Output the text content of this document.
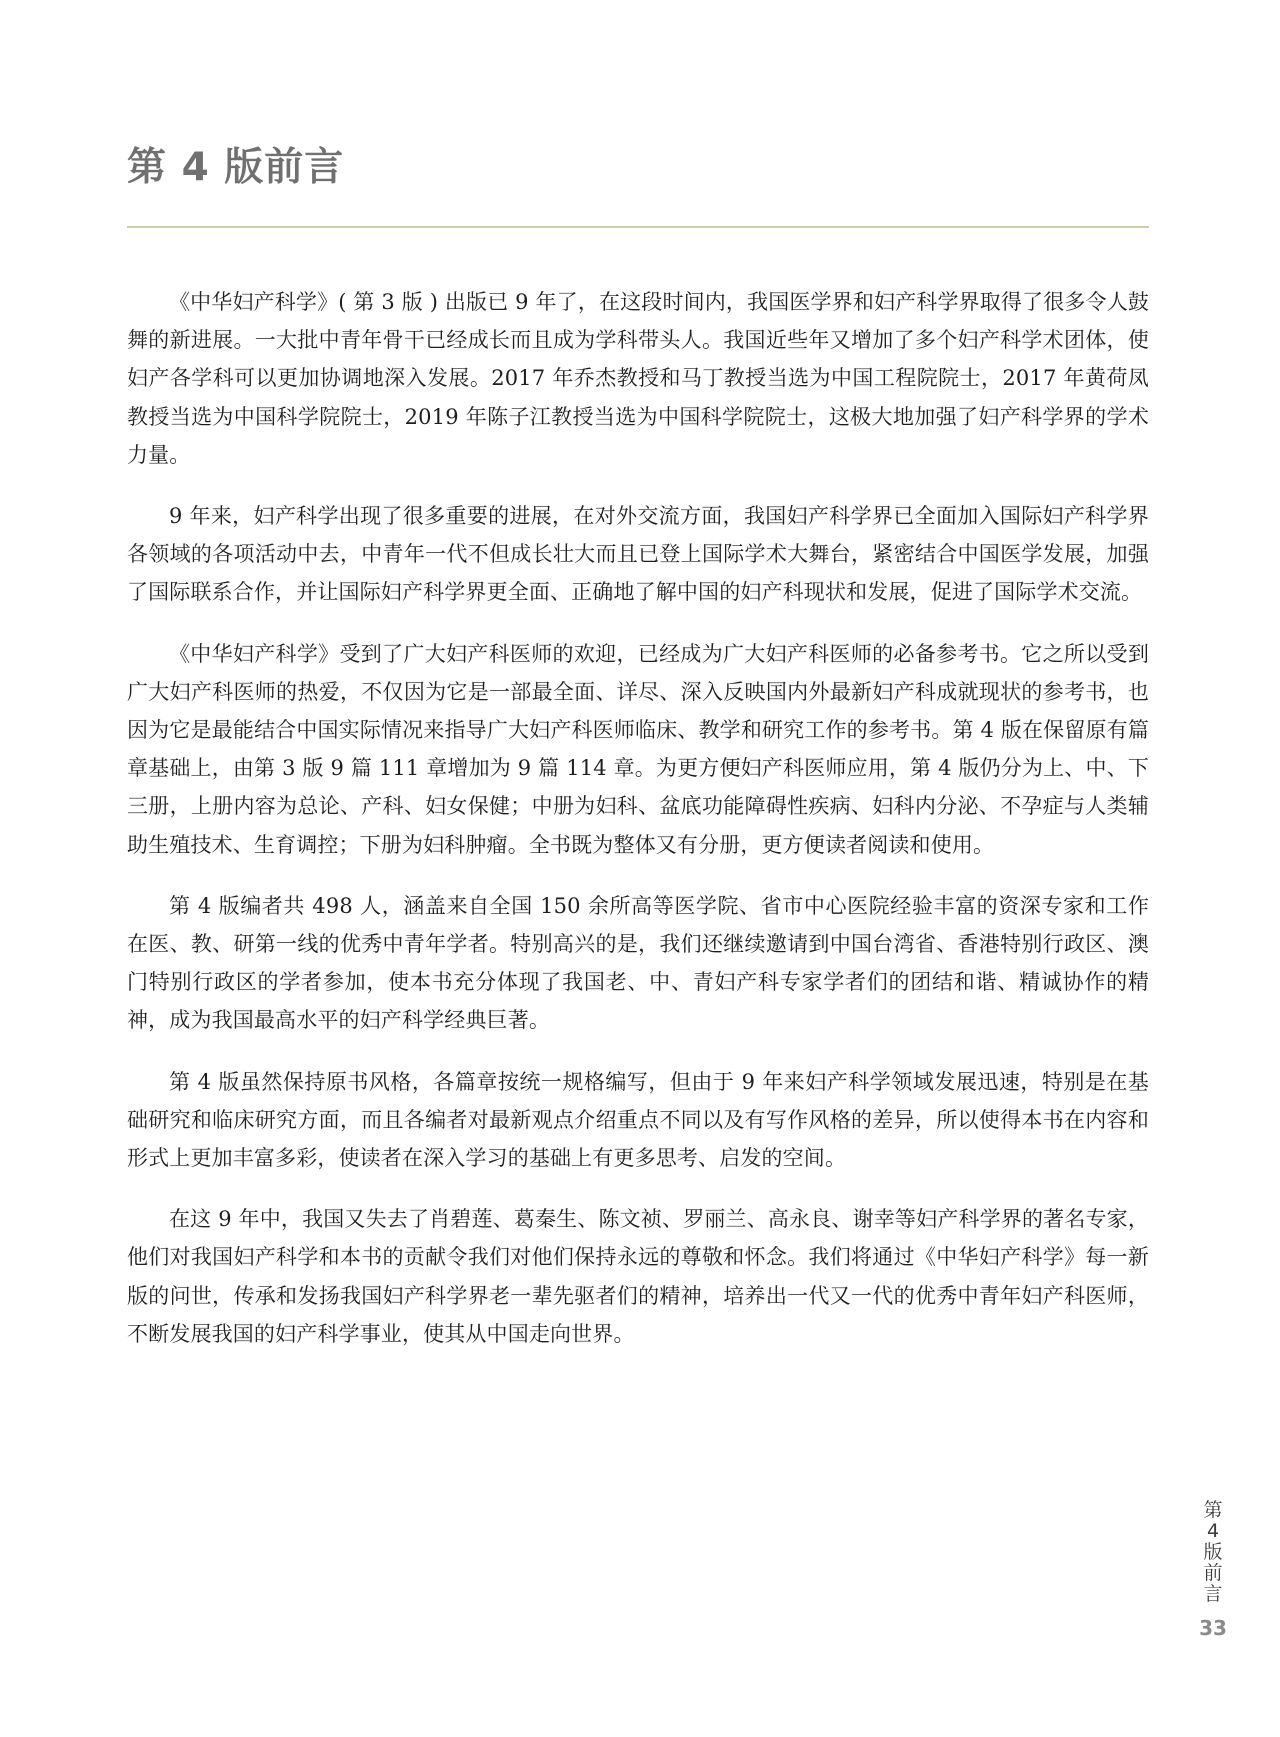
第 4 版前言

《中华妇产科学》( 第 3 版 ) 出版已 9 年了，在这段时间内，我国医学界和妇产科学界取得了很多令人鼓舞的新进展。一大批中青年骨干已经成长而且成为学科带头人。我国近些年又增加了多个妇产科学术团体，使妇产各学科可以更加协调地深入发展。2017 年乔杰教授和马丁教授当选为中国工程院院士，2017 年黄荷凤教授当选为中国科学院院士，2019 年陈子江教授当选为中国科学院院士，这极大地加强了妇产科学界的学术力量。

9 年来，妇产科学出现了很多重要的进展，在对外交流方面，我国妇产科学界已全面加入国际妇产科学界各领域的各项活动中去，中青年一代不但成长壮大而且已登上国际学术大舞台，紧密结合中国医学发展，加强了国际联系合作，并让国际妇产科学界更全面、正确地了解中国的妇产科现状和发展，促进了国际学术交流。

《中华妇产科学》受到了广大妇产科医师的欢迎，已经成为广大妇产科医师的必备参考书。它之所以受到广大妇产科医师的热爱，不仅因为它是一部最全面、详尽、深入反映国内外最新妇产科成就现状的参考书，也因为它是最能结合中国实际情况来指导广大妇产科医师临床、教学和研究工作的参考书。第 4 版在保留原有篇章基础上，由第 3 版 9 篇 111 章增加为 9 篇 114 章。为更方便妇产科医师应用，第 4 版仍分为上、中、下三册，上册内容为总论、产科、妇女保健；中册为妇科、盆底功能障碍性疾病、妇科内分泌、不孕症与人类辅助生殖技术、生育调控；下册为妇科肿瘤。全书既为整体又有分册，更方便读者阅读和使用。

第 4 版编者共 498 人，涵盖来自全国 150 余所高等医学院、省市中心医院经验丰富的资深专家和工作在医、教、研第一线的优秀中青年学者。特别高兴的是，我们还继续邀请到中国台湾省、香港特别行政区、澳门特别行政区的学者参加，使本书充分体现了我国老、中、青妇产科专家学者们的团结和谐、精诚协作的精神，成为我国最高水平的妇产科学经典巨著。

第 4 版虽然保持原书风格，各篇章按统一规格编写，但由于 9 年来妇产科学领域发展迅速，特别是在基础研究和临床研究方面，而且各编者对最新观点介绍重点不同以及有写作风格的差异，所以使得本书在内容和形式上更加丰富多彩，使读者在深入学习的基础上有更多思考、启发的空间。

在这 9 年中，我国又失去了肖碧莲、葛秦生、陈文祯、罗丽兰、高永良、谢幸等妇产科学界的著名专家，他们对我国妇产科学和本书的贡献令我们对他们保持永远的尊敬和怀念。我们将通过《中华妇产科学》每一新版的问世，传承和发扬我国妇产科学界老一辈先驱者们的精神，培养出一代又一代的优秀中青年妇产科医师，不断发展我国的妇产科学事业，使其从中国走向世界。

第
4
版
前
言
33
